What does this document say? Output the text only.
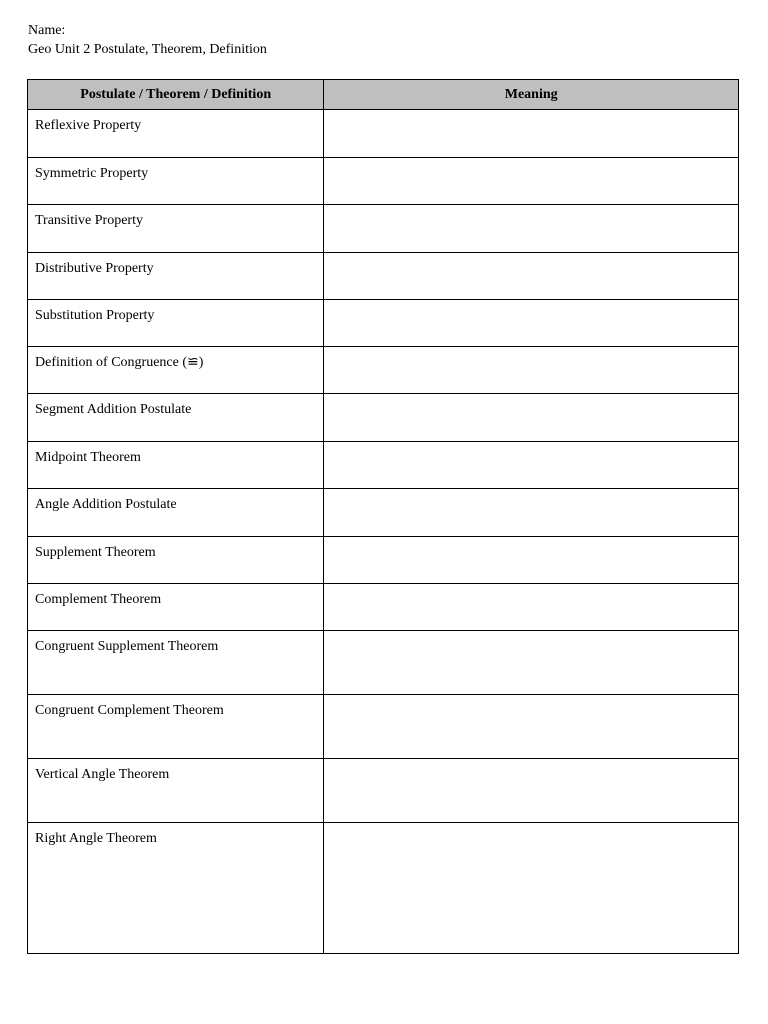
Name:
Geo Unit 2 Postulate, Theorem, Definition
Postulate / Theorem / Definition	Meaning

Reflexive Property	

Symmetric Property	

Transitive Property	

Distributive Property	

Substitution Property	

Definition of Congruence (≌)	

Segment Addition Postulate	

Midpoint Theorem	

Angle Addition Postulate	

Supplement Theorem	

Complement Theorem	

Congruent Supplement Theorem	

Congruent Complement Theorem	

Vertical Angle Theorem	

Right Angle Theorem	
